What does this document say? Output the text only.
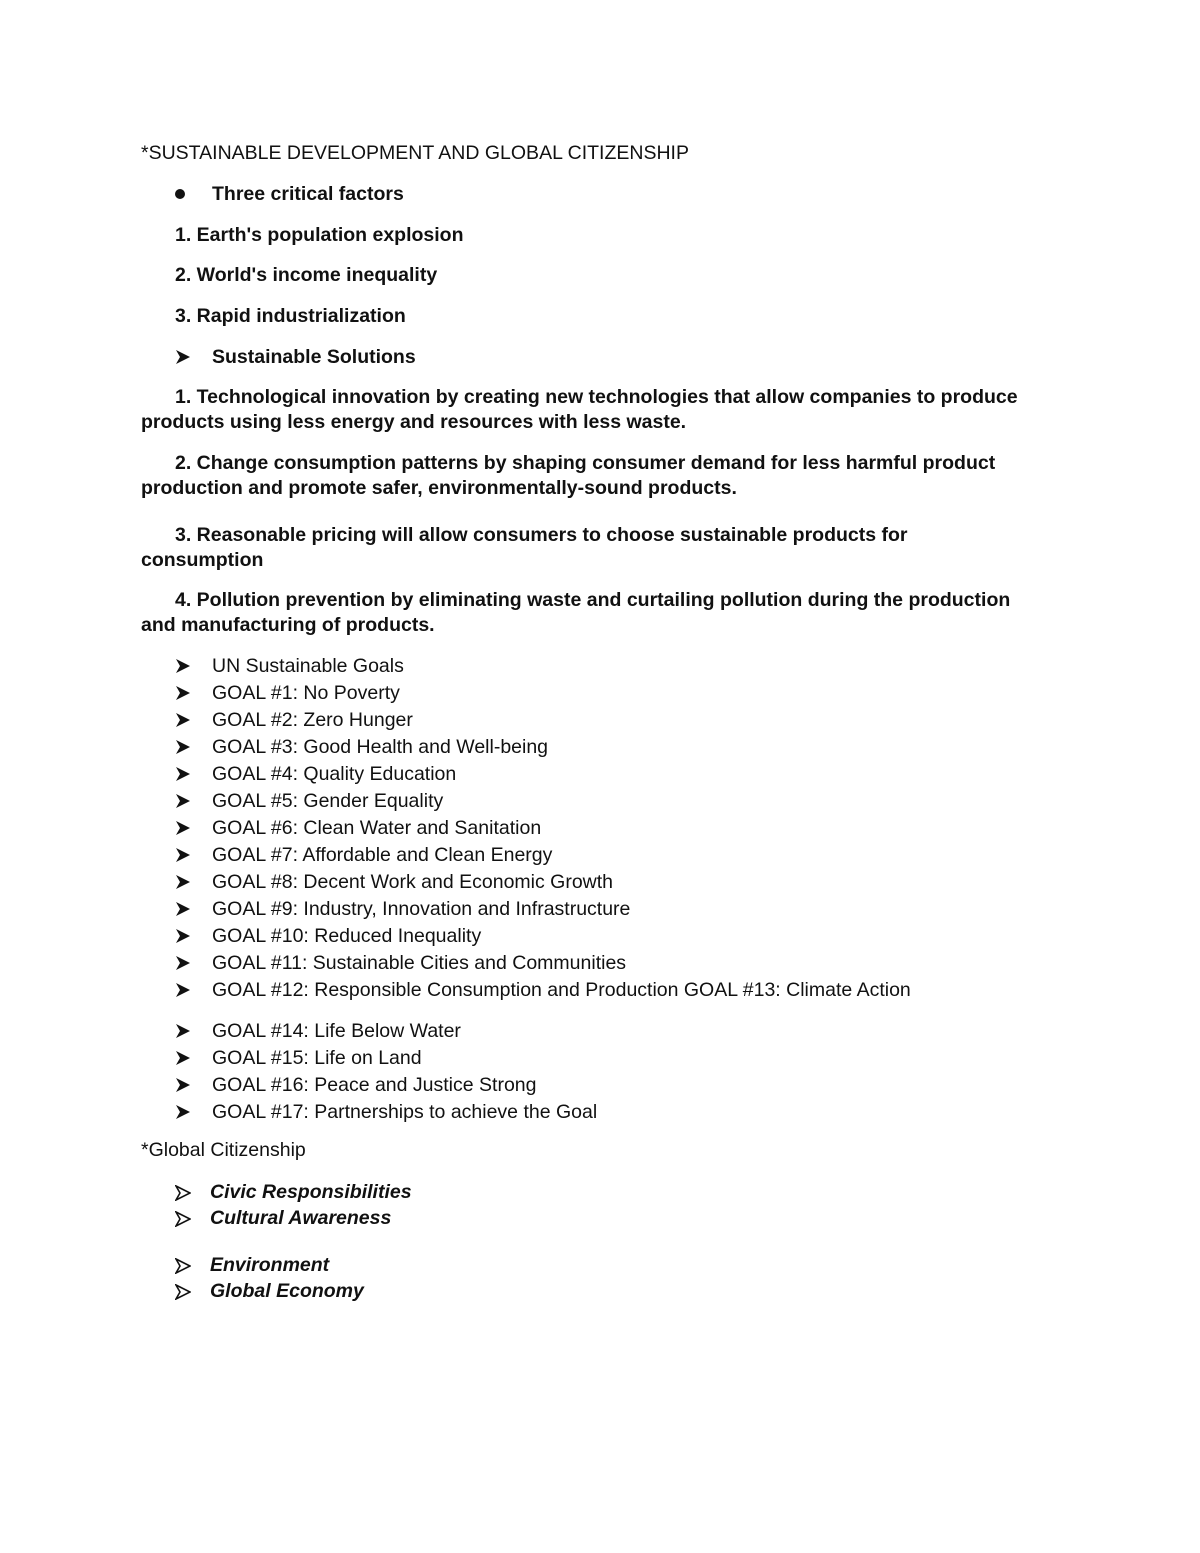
*SUSTAINABLE DEVELOPMENT AND GLOBAL CITIZENSHIP
Three critical factors
1. Earth's population explosion
2. World's income inequality
3. Rapid industrialization
Sustainable Solutions
1. Technological innovation by creating new technologies that allow companies to produce products using less energy and resources with less waste.
2. Change consumption patterns by shaping consumer demand for less harmful product production and promote safer, environmentally-sound products.
3. Reasonable pricing will allow consumers to choose sustainable products for consumption
4. Pollution prevention by eliminating waste and curtailing pollution during the production and manufacturing of products.
UN Sustainable Goals
GOAL #1: No Poverty
GOAL #2: Zero Hunger
GOAL #3: Good Health and Well-being
GOAL #4: Quality Education
GOAL #5: Gender Equality
GOAL #6: Clean Water and Sanitation
GOAL #7: Affordable and Clean Energy
GOAL #8: Decent Work and Economic Growth
GOAL #9: Industry, Innovation and Infrastructure
GOAL #10: Reduced Inequality
GOAL #11: Sustainable Cities and Communities
GOAL #12: Responsible Consumption and Production GOAL #13: Climate Action
GOAL #14: Life Below Water
GOAL #15: Life on Land
GOAL #16: Peace and Justice Strong
GOAL #17: Partnerships to achieve the Goal
*Global Citizenship
Civic Responsibilities
Cultural Awareness
Environment
Global Economy
